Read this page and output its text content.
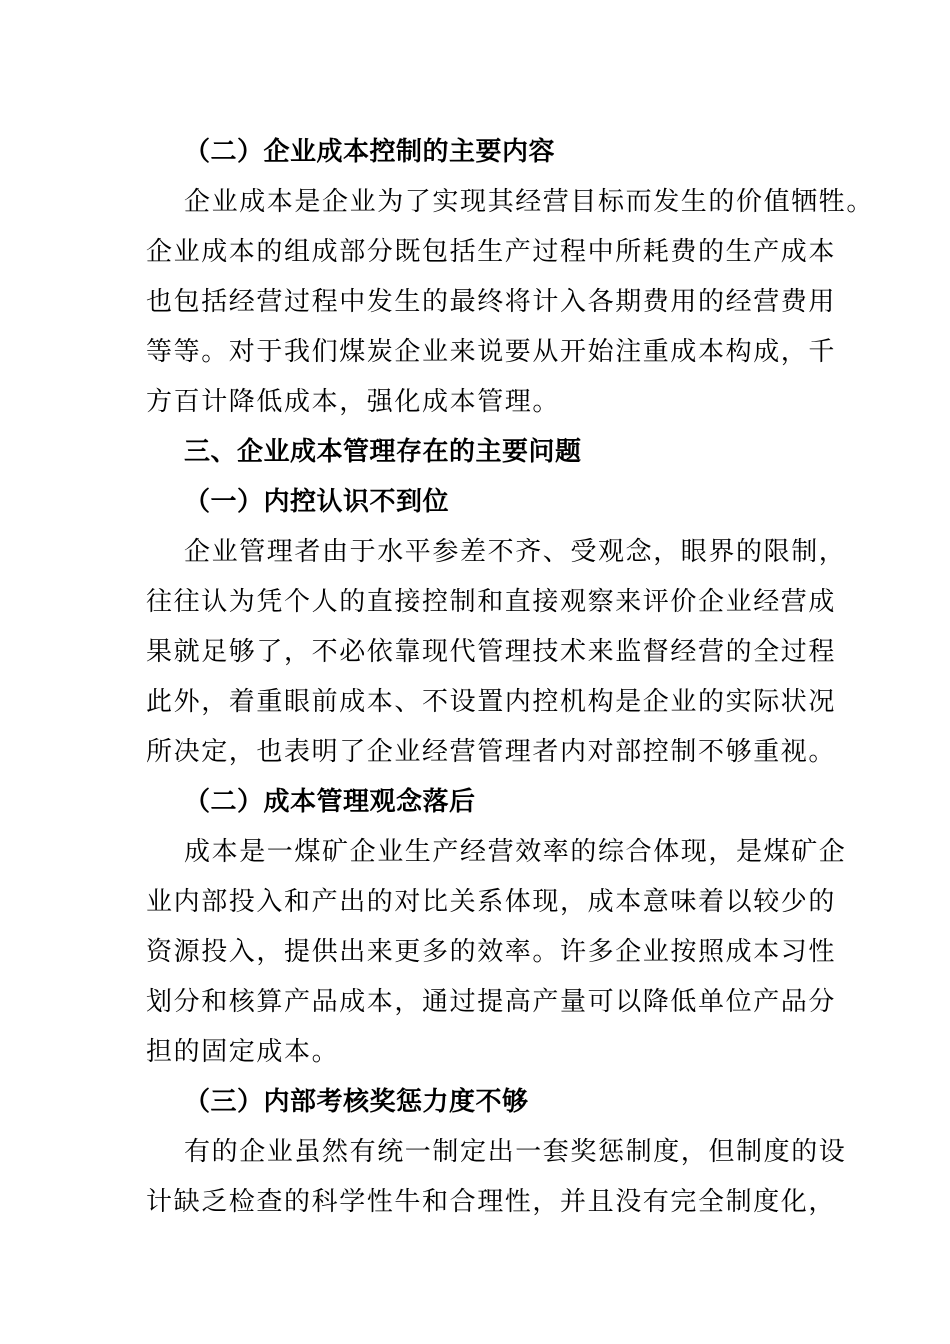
（二）企业成本控制的主要内容
企业成本是企业为了实现其经营目标而发生的价值牺牲。
企业成本的组成部分既包括生产过程中所耗费的生产成本
也包括经营过程中发生的最终将计入各期费用的经营费用
等等。对于我们煤炭企业来说要从开始注重成本构成，千
方百计降低成本，强化成本管理。
三、企业成本管理存在的主要问题
（一）内控认识不到位
企业管理者由于水平参差不齐、受观念，眼界的限制，
往往认为凭个人的直接控制和直接观察来评价企业经营成
果就足够了，不必依靠现代管理技术来监督经营的全过程
此外，着重眼前成本、不设置内控机构是企业的实际状况
所决定，也表明了企业经营管理者内对部控制不够重视。
（二）成本管理观念落后
成本是一煤矿企业生产经营效率的综合体现，是煤矿企
业内部投入和产出的对比关系体现，成本意味着以较少的
资源投入，提供出来更多的效率。许多企业按照成本习性
划分和核算产品成本，通过提高产量可以降低单位产品分
担的固定成本。
（三）内部考核奖惩力度不够
有的企业虽然有统一制定出一套奖惩制度，但制度的设
计缺乏检查的科学性牛和合理性，并且没有完全制度化，
